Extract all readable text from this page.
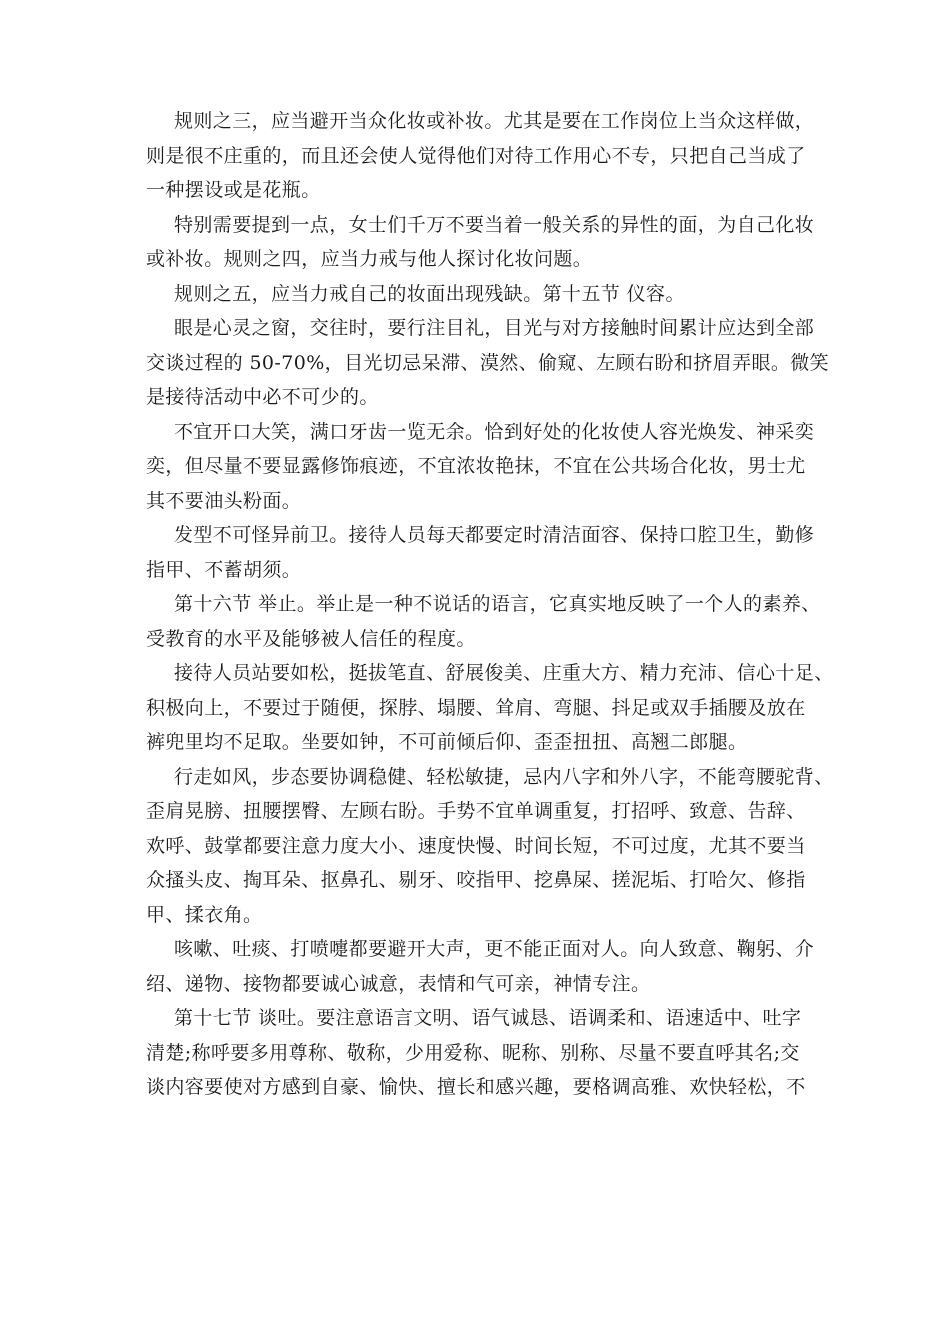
规则之三，应当避开当众化妆或补妆。尤其是要在工作岗位上当众这样做，
则是很不庄重的，而且还会使人觉得他们对待工作用心不专，只把自己当成了
一种摆设或是花瓶。
特别需要提到一点，女士们千万不要当着一般关系的异性的面，为自己化妆
或补妆。规则之四，应当力戒与他人探讨化妆问题。
规则之五，应当力戒自己的妆面出现残缺。第十五节 仪容。
眼是心灵之窗，交往时，要行注目礼，目光与对方接触时间累计应达到全部
交谈过程的 50-70%，目光切忌呆滞、漠然、偷窥、左顾右盼和挤眉弄眼。微笑
是接待活动中必不可少的。
不宜开口大笑，满口牙齿一览无余。恰到好处的化妆使人容光焕发、神采奕
奕，但尽量不要显露修饰痕迹，不宜浓妆艳抹，不宜在公共场合化妆，男士尤
其不要油头粉面。
发型不可怪异前卫。接待人员每天都要定时清洁面容、保持口腔卫生，勤修
指甲、不蓄胡须。
第十六节 举止。举止是一种不说话的语言，它真实地反映了一个人的素养、
受教育的水平及能够被人信任的程度。
接待人员站要如松，挺拔笔直、舒展俊美、庄重大方、精力充沛、信心十足、
积极向上，不要过于随便，探脖、塌腰、耸肩、弯腿、抖足或双手插腰及放在
裤兜里均不足取。坐要如钟，不可前倾后仰、歪歪扭扭、高翘二郎腿。
行走如风，步态要协调稳健、轻松敏捷，忌内八字和外八字，不能弯腰驼背、
歪肩晃膀、扭腰摆臀、左顾右盼。手势不宜单调重复，打招呼、致意、告辞、
欢呼、鼓掌都要注意力度大小、速度快慢、时间长短，不可过度，尤其不要当
众搔头皮、掏耳朵、抠鼻孔、剔牙、咬指甲、挖鼻屎、搓泥垢、打哈欠、修指
甲、揉衣角。
咳嗽、吐痰、打喷嚏都要避开大声，更不能正面对人。向人致意、鞠躬、介
绍、递物、接物都要诚心诚意，表情和气可亲，神情专注。
第十七节 谈吐。要注意语言文明、语气诚恳、语调柔和、语速适中、吐字
清楚;称呼要多用尊称、敬称，少用爱称、昵称、别称、尽量不要直呼其名;交
谈内容要使对方感到自豪、愉快、擅长和感兴趣，要格调高雅、欢快轻松，不
